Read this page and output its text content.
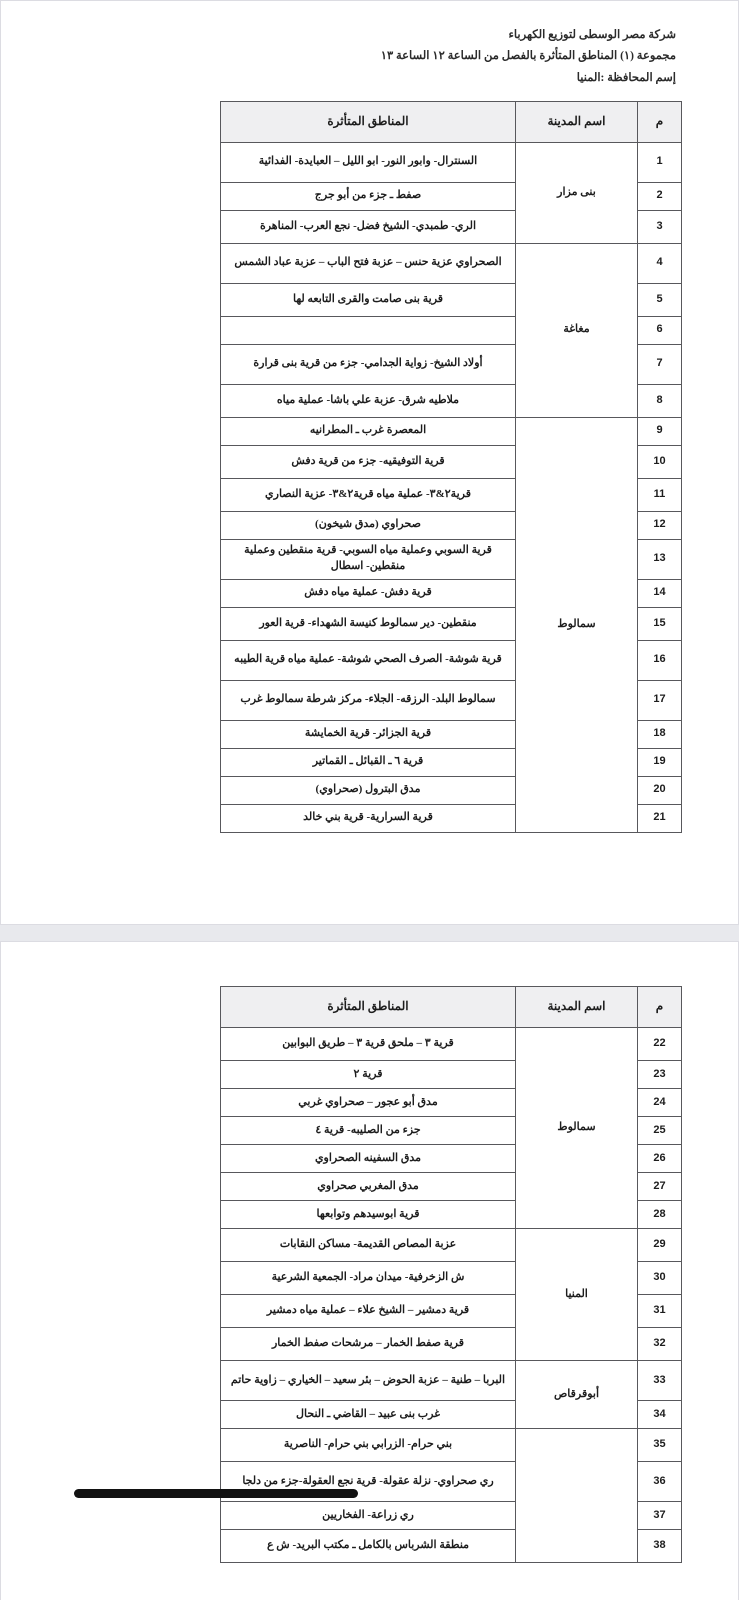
شركة مصر الوسطى لتوزيع الكهرباء
مجموعة (١) المناطق المتأثرة بالفصل من الساعة ١٢ الساعة ١٣
إسم المحافظة :المنيا
م	اسم المدينة	المناطق المتأثرة
1	بنى مزار	السنترال- وابور النور- ابو الليل – العبايدة- الفدائية
2		صفط ـ جزء من أبو جرج
3		الري- طمبدي- الشيخ فضل- نجع العرب- المناهرة
4	مغاغة	الصحراوي عزية حنس – عزبة فتح الباب – عزبة عباد الشمس
5		قرية بنى صامت والقرى التابعه لها
6		
7		أولاد الشيخ- زواية الجدامي- جزء من قرية بنى قرارة
8		ملاطيه شرق- عزبة علي باشا- عملية مياه
9	سمالوط	المعصرة غرب ـ المطرانيه
10		قرية التوفيقيه- جزء من قرية دفش
11		قرية٢&٣- عملية مياه قرية٢&٣- عزية النصاري
12		صحراوي (مدق شيخون)
13		قرية السوبي وعملية مياه السوبي- قرية منقطين وعملية منقطين- اسطال
14		قرية دفش- عملية مياه دفش
15		منقطين- دير سمالوط كنيسة الشهداء- قرية العور
16		قرية شوشة- الصرف الصحي شوشة- عملية مياه قرية الطيبه
17		سمالوط البلد- الرزقه- الجلاء- مركز شرطة سمالوط غرب
18		قرية الجزائر- قرية الخمايشة
19		قرية ٦ ـ القبائل ـ القماتير
20		مدق البترول (صحراوي)
21		قرية السرارية- قرية بني خالد
م	اسم المدينة	المناطق المتأثرة
22	سمالوط	قرية ٣ – ملحق قرية ٣ – طريق البوابين
23		قرية ٢
24		مدق أبو عجور – صحراوي غربي
25		جزء من الصليبه- قرية ٤
26		مدق السفينه الصحراوي
27		مدق المغربي صحراوي
28		قرية ابوسيدهم وتوابعها
29	المنيا	عزبة المصاص القديمة- مساكن النقابات
30		ش الزخرفية- ميدان مراد- الجمعية الشرعية
31		قرية دمشير – الشيخ علاء – عملية مياه دمشير
32		قرية صفط الخمار – مرشحات صفط الخمار
33	أبوقرقاص	البربا – طنية – عزبة الحوض – بئر سعيد – الخياري – زاوية حاتم
34		غرب بنى عبيد – القاضي ـ النحال
35		بني حرام- الزرابي بني حرام- الناصرية
36		ري صحراوي- نزلة عقولة- قرية نجع العقولة-جزء من دلجا
37		ري زراعة- الفخاريين
38		منطقة الشرباس بالكامل ـ مكتب البريد- ش ع
